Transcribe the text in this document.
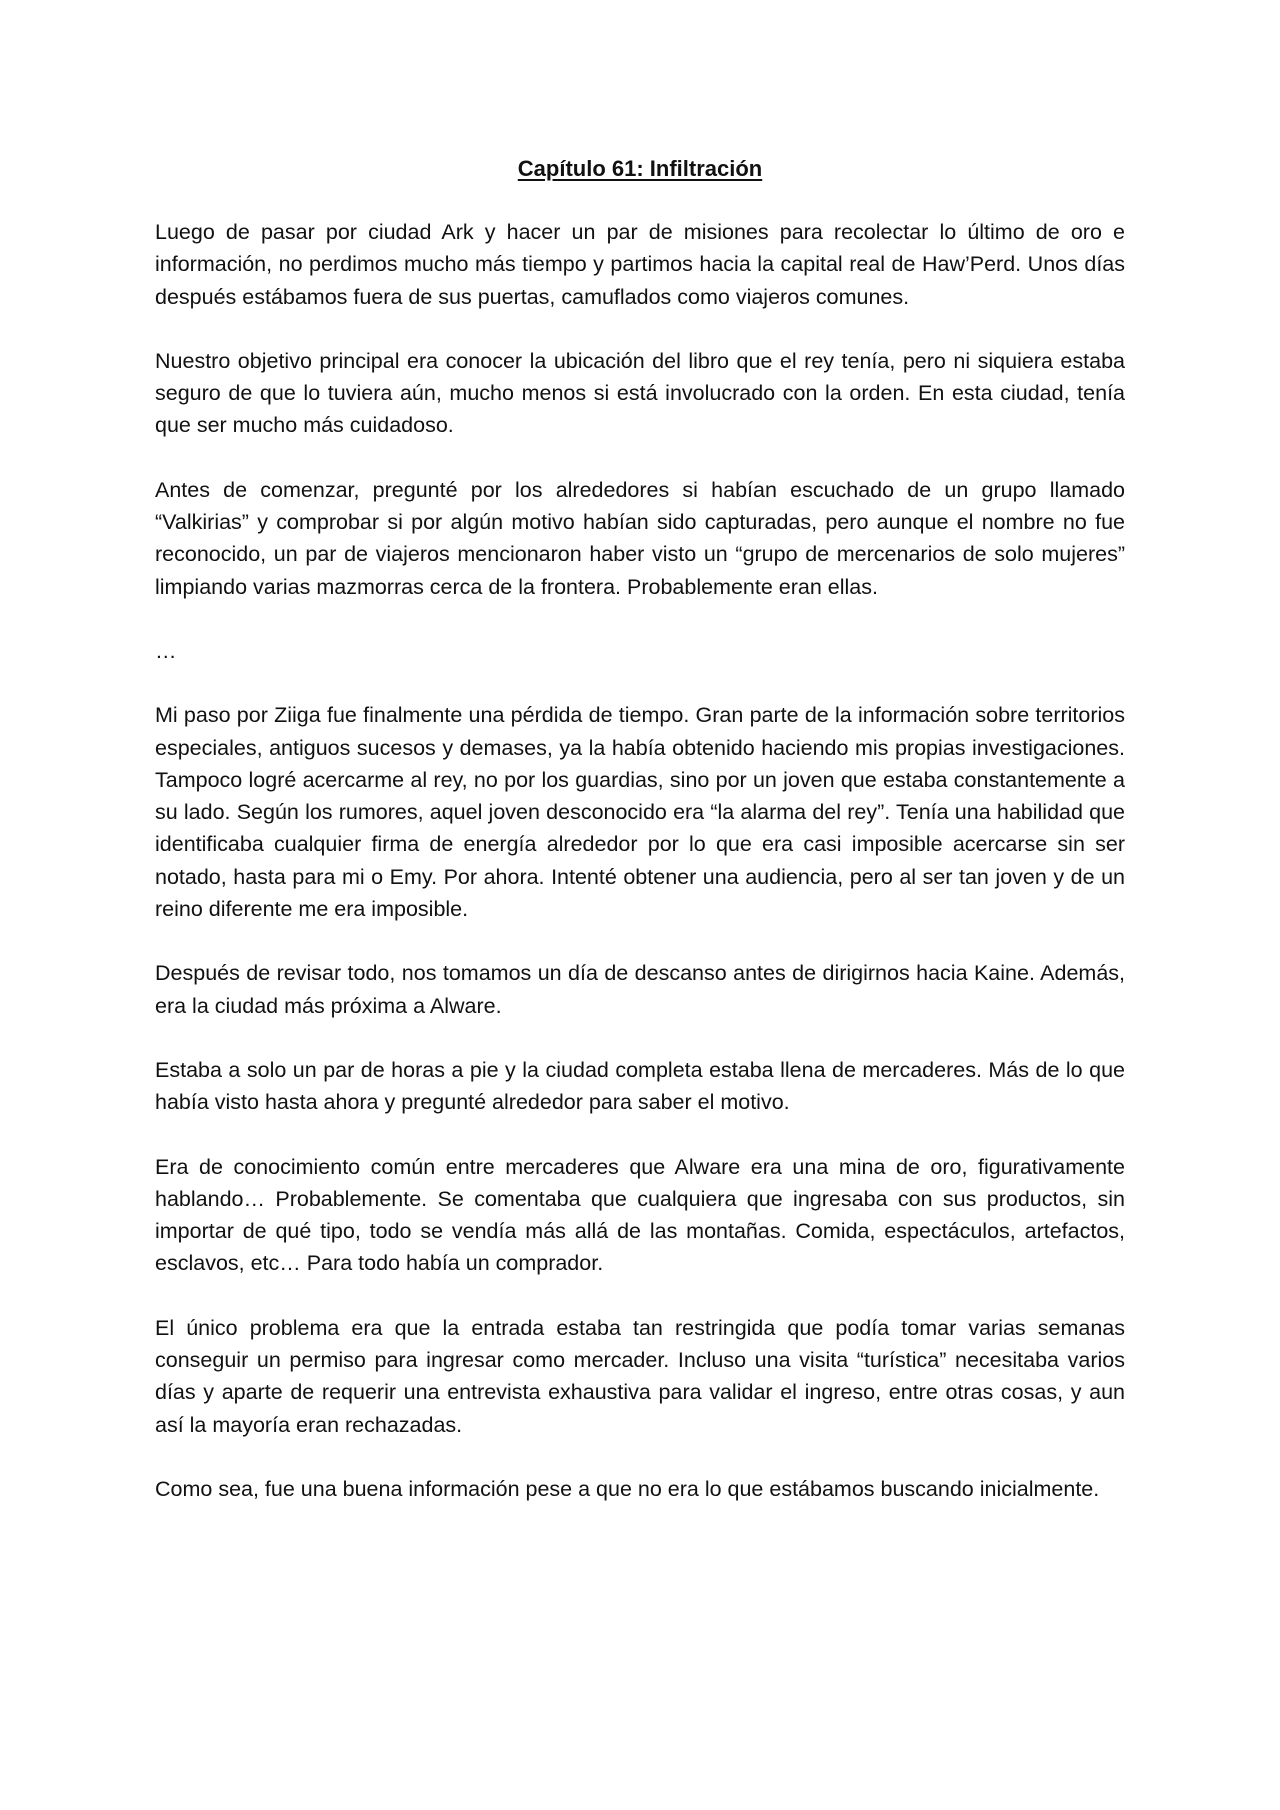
Capítulo 61: Infiltración

Luego de pasar por ciudad Ark y hacer un par de misiones para recolectar lo último de oro e información, no perdimos mucho más tiempo y partimos hacia la capital real de Haw’Perd. Unos días después estábamos fuera de sus puertas, camuflados como viajeros comunes.

Nuestro objetivo principal era conocer la ubicación del libro que el rey tenía, pero ni siquiera estaba seguro de que lo tuviera aún, mucho menos si está involucrado con la orden. En esta ciudad, tenía que ser mucho más cuidadoso.

Antes de comenzar, pregunté por los alrededores si habían escuchado de un grupo llamado “Valkirias” y comprobar si por algún motivo habían sido capturadas, pero aunque el nombre no fue reconocido, un par de viajeros mencionaron haber visto un “grupo de mercenarios de solo mujeres” limpiando varias mazmorras cerca de la frontera. Probablemente eran ellas.

…

Mi paso por Ziiga fue finalmente una pérdida de tiempo. Gran parte de la información sobre territorios especiales, antiguos sucesos y demases, ya la había obtenido haciendo mis propias investigaciones. Tampoco logré acercarme al rey, no por los guardias, sino por un joven que estaba constantemente a su lado. Según los rumores, aquel joven desconocido era “la alarma del rey”. Tenía una habilidad que identificaba cualquier firma de energía alrededor por lo que era casi imposible acercarse sin ser notado, hasta para mi o Emy. Por ahora. Intenté obtener una audiencia, pero al ser tan joven y de un reino diferente me era imposible.

Después de revisar todo, nos tomamos un día de descanso antes de dirigirnos hacia Kaine. Además, era la ciudad más próxima a Alware.

Estaba a solo un par de horas a pie y la ciudad completa estaba llena de mercaderes. Más de lo que había visto hasta ahora y pregunté alrededor para saber el motivo.

Era de conocimiento común entre mercaderes que Alware era una mina de oro, figurativamente hablando… Probablemente. Se comentaba que cualquiera que ingresaba con sus productos, sin importar de qué tipo, todo se vendía más allá de las montañas. Comida, espectáculos, artefactos, esclavos, etc… Para todo había un comprador.

El único problema era que la entrada estaba tan restringida que podía tomar varias semanas conseguir un permiso para ingresar como mercader. Incluso una visita “turística” necesitaba varios días y aparte de requerir una entrevista exhaustiva para validar el ingreso, entre otras cosas, y aun así la mayoría eran rechazadas.

Como sea, fue una buena información pese a que no era lo que estábamos buscando inicialmente.
